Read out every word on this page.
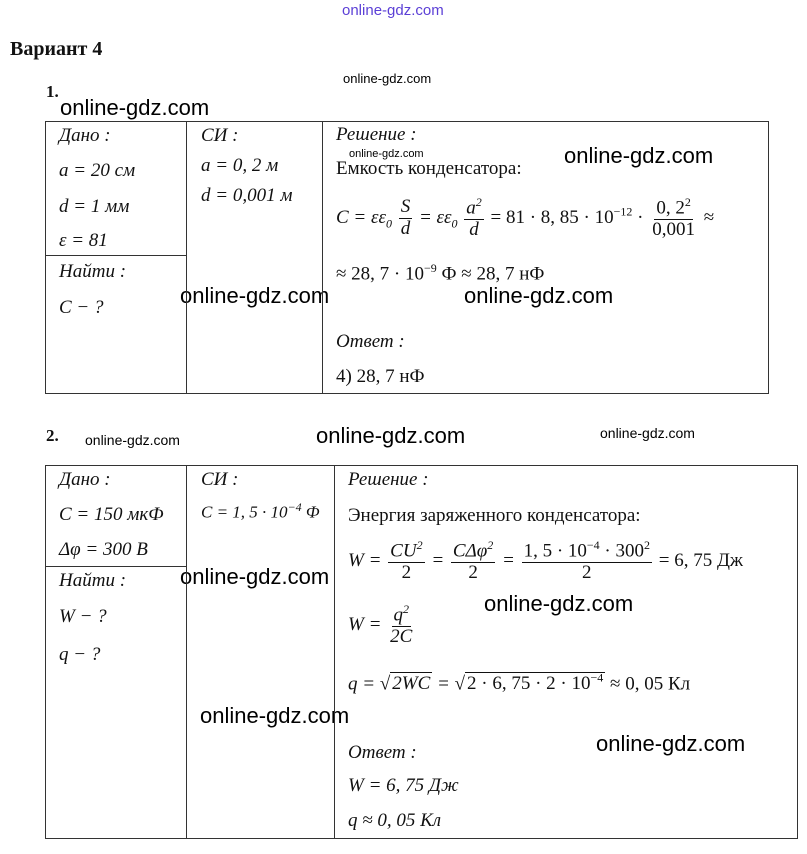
online-gdz.com
online-gdz.com
online-gdz.com
online-gdz.com	online-gdz.com
online-gdz.com	online-gdz.com
online-gdz.com	online-gdz.com	online-gdz.com
online-gdz.com
online-gdz.com
online-gdz.com
online-gdz.com
Вариант 4
1.
Дано :
a = 20 см
d = 1 мм
ε = 81
Найти :
C − ?
СИ :
a = 0, 2 м
d = 0,001 м
Решение :
Емкость конденсатора:
$C = \varepsilon\varepsilon_0 \frac{S}{d} = \varepsilon\varepsilon_0 \frac{a^2}{d} = 81 \cdot 8$, $85 \cdot 10^{-12} \cdot \frac{0, 2^2}{0,001}$ ≈
≈ 28, $7 \cdot 10^{-9}$ Ф ≈ 28, 7 нФ
Ответ :
4) 28, 7 нФ
2.
Дано :
C = 150 мкФ
Δφ = 300 В
Найти :
W − ?
q − ?
СИ :
C = 1, $5 \cdot 10^{-4}$ Ф
Решение :
Энергия заряженного конденсатора:
$W = \frac{CU^2}{2} = \frac{C\Delta\varphi^2}{2} = \frac{1, 5 \cdot 10^{-4} \cdot 300^2}{2} = 6$, 75 Дж
$W = \frac{q^2}{2C}$
q = √ 2WC = √ 2 · 6, $75 \cdot 2 \cdot 10^{-4} \approx 0$, 05 Кл
Ответ :
W = 6, 75 Дж
q ≈ 0, 05 Кл
